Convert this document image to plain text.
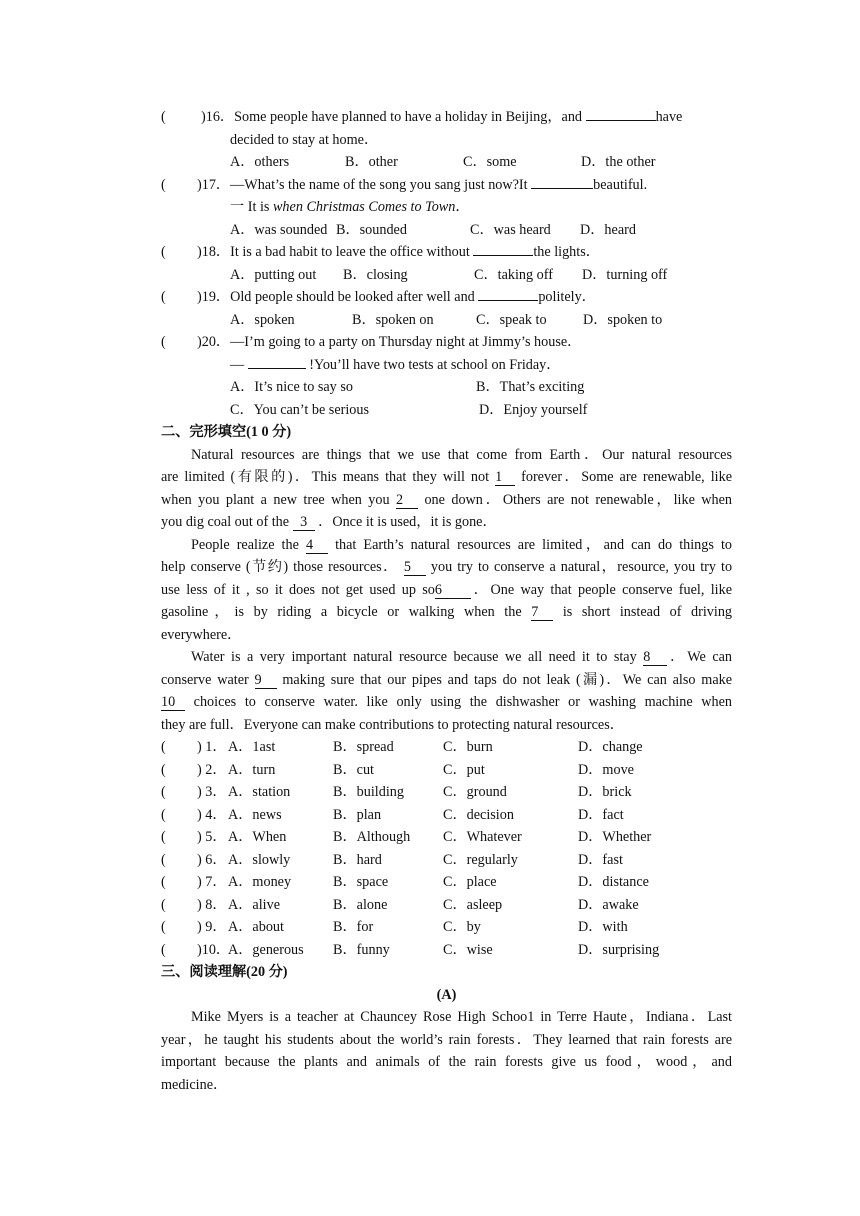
( )16．Some people have planned to have a holiday in Beijing，and	have
decided to stay at home．
A．others	B．other	C．some	D．the other
( )17．—What’s the name of the song you sang just now?It	beautiful.
一 It is when Christmas Comes to Town．
A．was sounded B．sounded	C．was heard D．heard
( )18．It is a bad habit to leave the office without	the lights．
A．putting out B．closing	C．taking off D．turning off
( )19．Old people should be looked after well and	politely．
A．spoken	B．spoken on	C．speak to	D．spoken to
( )20．—I’m going to a party on Thursday night at Jimmy’s house．
—	!You’ll have two tests at school on Friday．
A．It’s nice to say so	B．That’s exciting
C．You can’t be serious	D．Enjoy yourself
二、完形填空(1 0 分)
Natural resources are things that we use that come from Earth．Our natural resources
are limited (有限的)．This means that they will not 1 forever．Some are renewable, like
when you plant a new tree when you 2 one down．Others are not renewable，like when
you dig coal out of the 3 ．Once it is used，it is gone．
People realize the 4 that Earth’s natural resources are limited，and can do things to
help conserve (节约) those resources． 5 you try to conserve a natural，resource, you try to
use less of it , so it does not get used up so6 ．One way that people conserve fuel, like
gasoline，is by riding a bicycle or walking when the 7 is short instead of driving
everywhere．
Water is a very important natural resource because we all need it to stay 8 ．We can
conserve water 9 making sure that our pipes and taps do not leak (漏)．We can also make
10 choices to conserve water. like only using the dishwasher or washing machine when
they are full．Everyone can make contributions to protecting natural resources．
( ) 1． A．1ast	B．spread	C．burn	D．change
( ) 2． A．turn	B．cut	C．put	D．move
( ) 3． A．station	B．building	C．ground	D．brick
( ) 4． A．news	B．plan	C．decision	D．fact
( ) 5． A．When	B．Although C．Whatever	D．Whether
( ) 6． A．slowly	B．hard	C．regularly	D．fast
( ) 7． A．money	B．space	C．place	D．distance
( ) 8． A．alive	B．alone	C．asleep	D．awake
( ) 9． A．about	B．for	C．by	D．with
( )10．
A．generous B．funny	C．wise	D．surprising
三、阅读理解(20 分)
(A)
Mike Myers is a teacher at Chauncey Rose High Schoo1 in Terre Haute，Indiana．Last
year，he taught his students about the world’s rain forests．They learned that rain forests are
important because the plants and animals of the rain forests give us food，wood，and
medicine．
